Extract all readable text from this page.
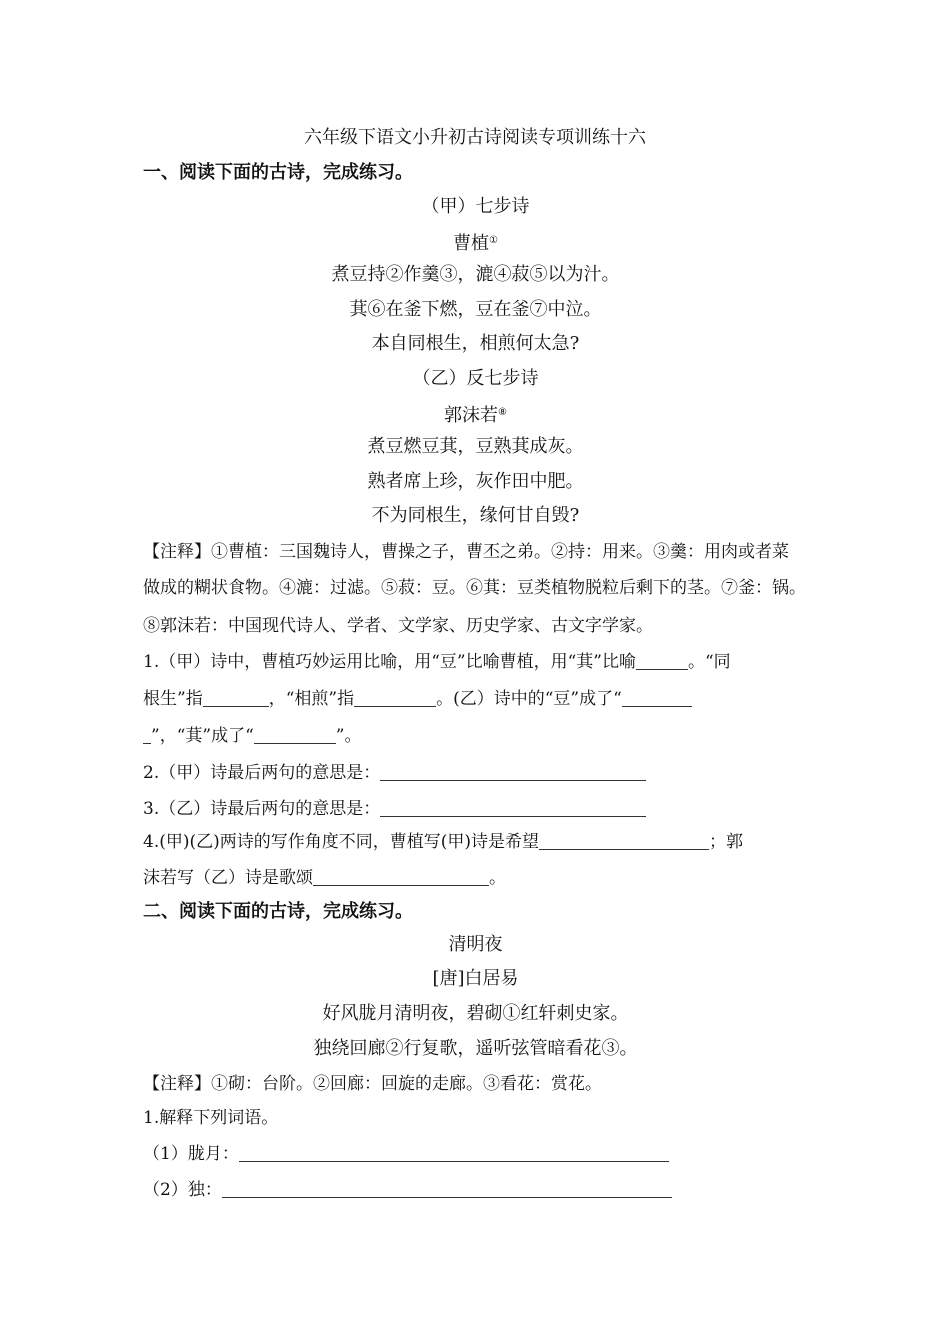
六年级下语文小升初古诗阅读专项训练十六
一、阅读下面的古诗，完成练习。
（甲）七步诗
曹植①
煮豆持②作羹③，漉④菽⑤以为汁。
萁⑥在釜下燃，豆在釜⑦中泣。
本自同根生，相煎何太急?
（乙）反七步诗
郭沫若⑧
煮豆燃豆萁，豆熟萁成灰。
熟者席上珍，灰作田中肥。
不为同根生，缘何甘自毁?
【注释】①曹植：三国魏诗人，曹操之子，曹丕之弟。②持：用来。③羹：用肉或者菜
做成的糊状食物。④漉：过滤。⑤菽：豆。⑥萁：豆类植物脱粒后剩下的茎。⑦釜：锅。
⑧郭沫若：中国现代诗人、学者、文学家、历史学家、古文字学家。
1.（甲）诗中，曹植巧妙运用比喻，用“豆”比喻曹植，用“萁”比喻	。“同
根生”指	，“相煎”指	。(乙）诗中的“豆”成了“
”，“萁”成了“	”。
2.（甲）诗最后两句的意思是：
3.（乙）诗最后两句的意思是：
4.(甲)(乙)两诗的写作角度不同，曹植写(甲)诗是希望	；郭
沫若写（乙）诗是歌颂	。
二、阅读下面的古诗，完成练习。
清明夜
[唐]白居易
好风胧月清明夜，碧砌①红轩刺史家。
独绕回廊②行复歌，遥听弦管暗看花③。
【注释】①砌：台阶。②回廊：回旋的走廊。③看花：赏花。
1.解释下列词语。
（1）胧月：
（2）独：
